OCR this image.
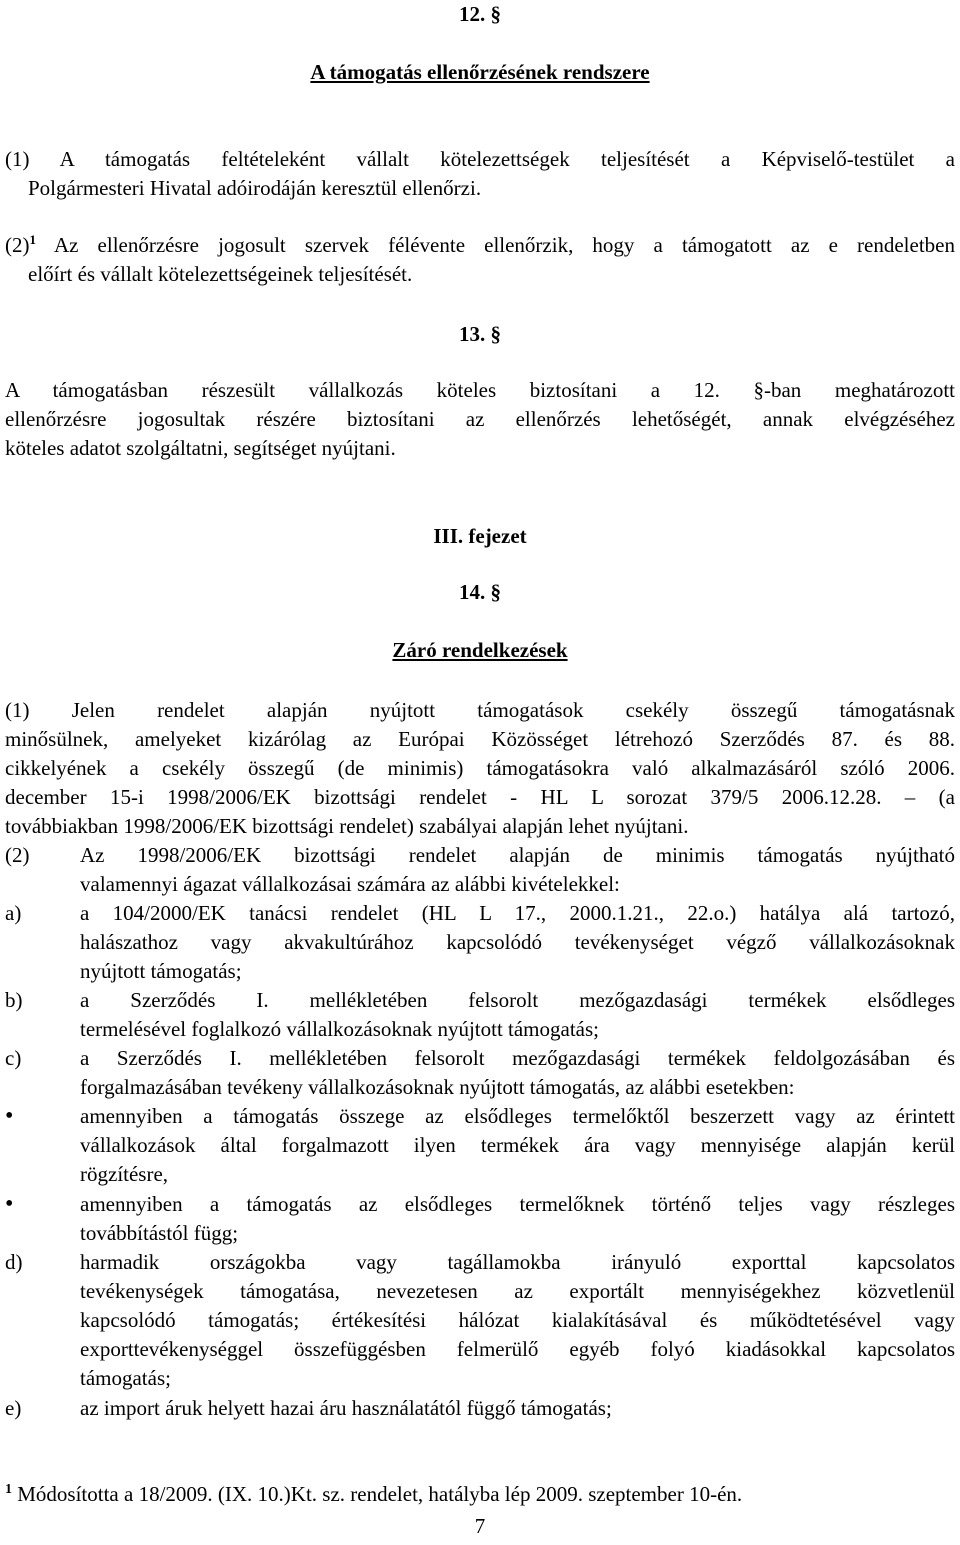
12. §
A támogatás ellenőrzésének rendszere
(1) A támogatás feltételeként vállalt kötelezettségek teljesítését a Képviselő-testület a
Polgármesteri Hivatal adóirodáján keresztül ellenőrzi.
$(2)^1$ Az ellenőrzésre jogosult szervek félévente ellenőrzik, hogy a támogatott az e rendeletben
előírt és vállalt kötelezettségeinek teljesítését.
13. §
A támogatásban részesült vállalkozás köteles biztosítani a 12. §-ban meghatározott
ellenőrzésre jogosultak részére biztosítani az ellenőrzés lehetőségét, annak elvégzéséhez
köteles adatot szolgáltatni, segítséget nyújtani.
III. fejezet
14. §
Záró rendelkezések
(1) Jelen rendelet alapján nyújtott támogatások csekély összegű támogatásnak
minősülnek, amelyeket kizárólag az Európai Közösséget létrehozó Szerződés 87. és 88.
cikkelyének a csekély összegű (de minimis) támogatásokra való alkalmazásáról szóló 2006.
december 15-i 1998/2006/EK bizottsági rendelet - HL L sorozat 379/5 2006.12.28. – (a
továbbiakban 1998/2006/EK bizottsági rendelet) szabályai alapján lehet nyújtani.
(2)	Az 1998/2006/EK bizottsági rendelet alapján de minimis támogatás nyújtható
valamennyi ágazat vállalkozásai számára az alábbi kivételekkel:
a)	a 104/2000/EK tanácsi rendelet (HL L 17., 2000.1.21., 22.o.) hatálya alá tartozó,
halászathoz vagy akvakultúrához kapcsolódó tevékenységet végző vállalkozásoknak
nyújtott támogatás;
b)	a Szerződés I. mellékletében felsorolt mezőgazdasági termékek elsődleges
termelésével foglalkozó vállalkozásoknak nyújtott támogatás;
c)	a Szerződés I. mellékletében felsorolt mezőgazdasági termékek feldolgozásában és
forgalmazásában tevékeny vállalkozásoknak nyújtott támogatás, az alábbi esetekben:
•	amennyiben a támogatás összege az elsődleges termelőktől beszerzett vagy az érintett
vállalkozások által forgalmazott ilyen termékek ára vagy mennyisége alapján kerül
rögzítésre,
•	amennyiben a támogatás az elsődleges termelőknek történő teljes vagy részleges
továbbítástól függ;
d)	harmadik országokba vagy tagállamokba irányuló exporttal kapcsolatos
tevékenységek támogatása, nevezetesen az exportált mennyiségekhez közvetlenül
kapcsolódó támogatás; értékesítési hálózat kialakításával és működtetésével vagy
exporttevékenységgel összefüggésben felmerülő egyéb folyó kiadásokkal kapcsolatos
támogatás;
e)	az import áruk helyett hazai áru használatától függő támogatás;
$^1$ Módosította a 18/2009. (IX. 10.)Kt. sz. rendelet, hatályba lép 2009. szeptember 10-én.
7
